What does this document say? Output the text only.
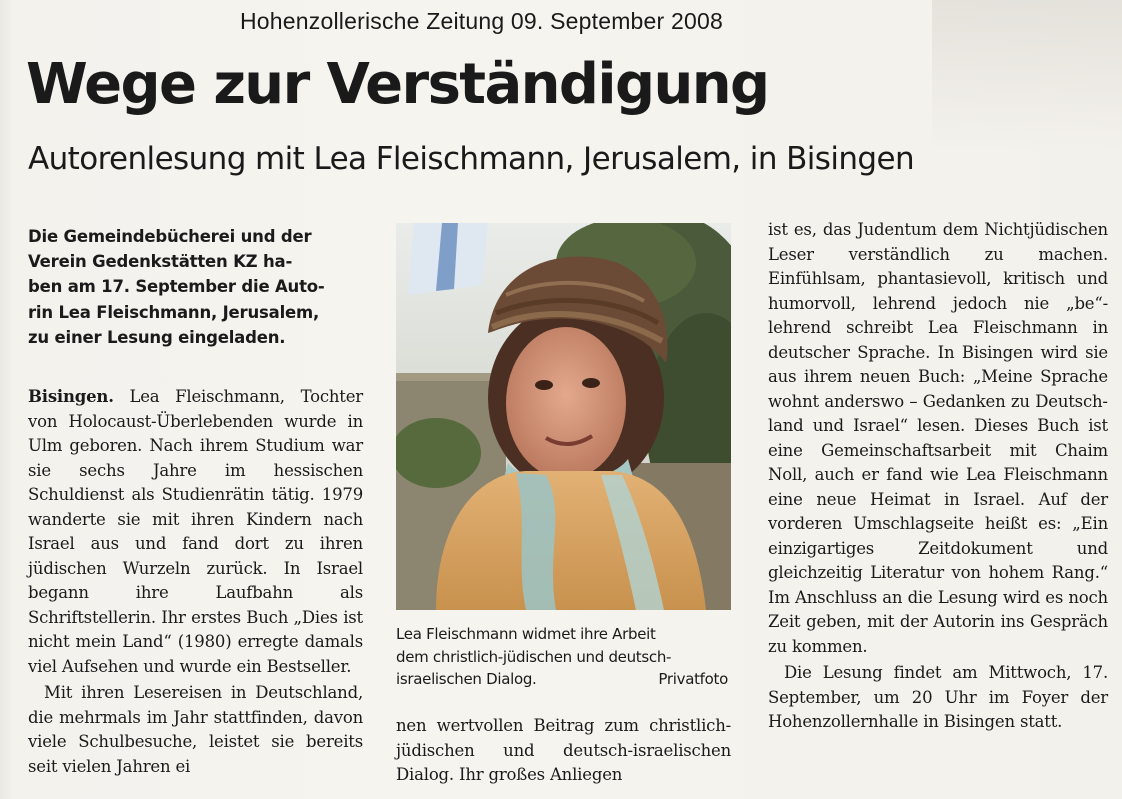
Hohenzollerische Zeitung 09. September 2008
Wege zur Verständigung
Autorenlesung mit Lea Fleischmann, Jerusalem, in Bisingen

Die Gemeindebücherei und der
Verein Gedenkstätten KZ ha-
ben am 17. September die Auto-
rin Lea Fleischmann, Jerusalem,
zu einer Lesung eingeladen.

Bisingen. Lea Fleischmann, Tochter von Holocaust-Überlebenden wurde in Ulm geboren. Nach ihrem Studium war sie sechs Jahre im hessischen Schuldienst als Studienrätin tätig. 1979 wanderte sie mit ihren Kindern nach Israel aus und fand dort zu ihren jüdischen Wurzeln zurück. In Israel begann ihre Laufbahn als Schriftstellerin. Ihr erstes Buch „Dies ist nicht mein Land“ (1980) erregte damals viel Aufsehen und wurde ein Bestseller.

Mit ihren Lesereisen in Deutschland, die mehrmals im Jahr stattfinden, davon viele Schulbesuche, leistet sie bereits seit vielen Jahren ei

Lea Fleischmann widmet ihre Arbeit
dem christlich-jüdischen und deutsch-
israelischen Dialog.	Privatfoto

nen wertvollen Beitrag zum christlich-jüdischen und deutsch-israelischen Dialog. Ihr großes Anliegen

ist es, das Judentum dem Nichtjüdischen Leser verständlich zu machen. Einfühlsam, phantasievoll, kritisch und humorvoll, lehrend jedoch nie „be“-lehrend schreibt Lea Fleischmann in deutscher Sprache. In Bisingen wird sie aus ihrem neuen Buch: „Meine Sprache wohnt anderswo – Gedanken zu Deutschland und Israel“ lesen. Dieses Buch ist eine Gemeinschaftsarbeit mit Chaim Noll, auch er fand wie Lea Fleischmann eine neue Heimat in Israel. Auf der vorderen Umschlagseite heißt es: „Ein einzigartiges Zeitdokument und gleichzeitig Literatur von hohem Rang.“ Im Anschluss an die Lesung wird es noch Zeit geben, mit der Autorin ins Gespräch zu kommen.

Die Lesung findet am Mittwoch, 17. September, um 20 Uhr im Foyer der Hohenzollernhalle in Bisingen statt.
